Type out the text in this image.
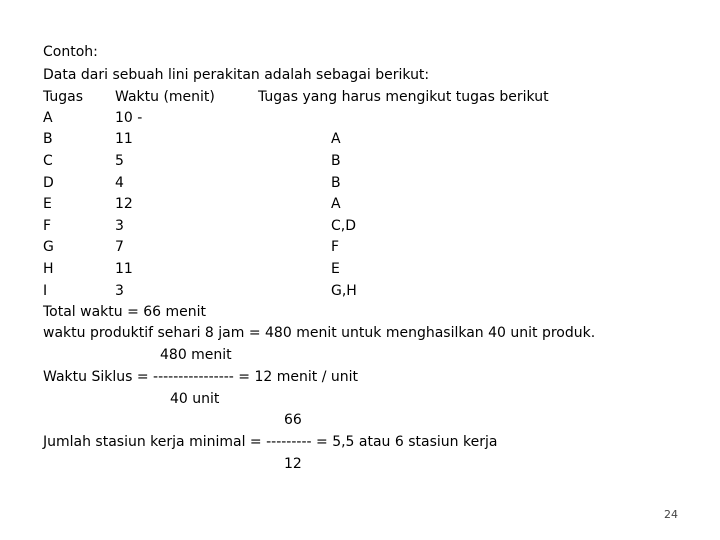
Contoh:
Data dari sebuah lini perakitan adalah sebagai berikut:
Tugas Waktu (menit)	Tugas yang harus mengikut tugas berikut
A	10 -
B	11	A
C	5	B
D	4	B
E	12	A
F	3	C,D
G	7	F
H	11	E
I	3	G,H
Total waktu = 66 menit
waktu produktif sehari 8 jam = 480 menit untuk menghasilkan 40 unit produk.
480 menit
Waktu Siklus = ---------------- = 12 menit / unit
40 unit
66
Jumlah stasiun kerja minimal = --------- = 5,5 atau 6 stasiun kerja
12
24
